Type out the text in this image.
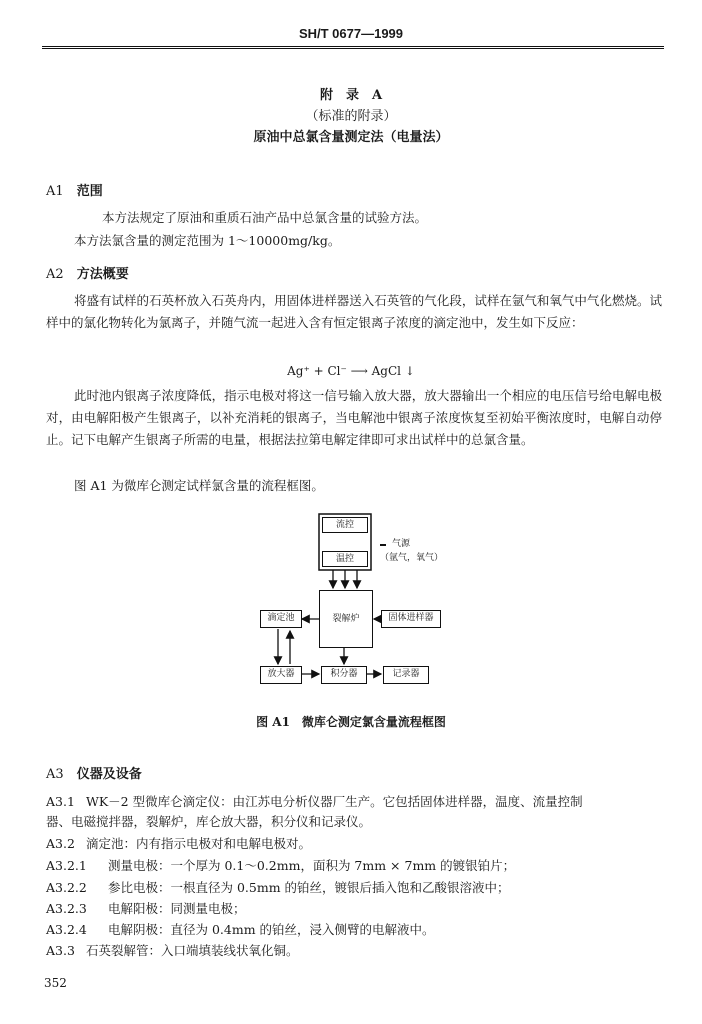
SH/T 0677—1999
附　录　A
（标准的附录）
原油中总氯含量测定法（电量法）
A1　 范围
本方法规定了原油和重质石油产品中总氯含量的试验方法。
本方法氯含量的测定范围为 1～10000mg/kg。
A2　 方法概要
将盛有试样的石英杯放入石英舟内，用固体进样器送入石英管的气化段，试样在氩气和氧气中气化燃烧。试样中的氯化物转化为氯离子，并随气流一起进入含有恒定银离子浓度的滴定池中，发生如下反应：
Ag⁺ + Cl⁻ ⟶ AgCl ↓
此时池内银离子浓度降低，指示电极对将这一信号输入放大器，放大器输出一个相应的电压信号给电解电极对，由电解阳极产生银离子，以补充消耗的银离子，当电解池中银离子浓度恢复至初始平衡浓度时，电解自动停止。记下电解产生银离子所需的电量，根据法拉第电解定律即可求出试样中的总氯含量。
图 A1 为微库仑测定试样氯含量的流程框图。
流控
温控
气源
（氩气，氧气）
裂解炉
滴定池	固体进样器
放大器	积分器	记录器
图 A1　微库仑测定氯含量流程框图
A3　 仪器及设备
A3.1 WK－2 型微库仑滴定仪：由江苏电分析仪器厂生产。它包括固体进样器，温度、流量控制
器、电磁搅拌器，裂解炉，库仑放大器，积分仪和记录仪。
A3.2 滴定池：内有指示电极对和电解电极对。
A3.2.1 测量电极：一个厚为 0.1～0.2mm，面积为 7mm × 7mm 的镀银铂片；
A3.2.2 参比电极：一根直径为 0.5mm 的铂丝，镀银后插入饱和乙酸银溶液中；
A3.2.3 电解阳极：同测量电极；
A3.2.4 电解阴极：直径为 0.4mm 的铂丝，浸入侧臂的电解液中。
A3.3 石英裂解管：入口端填装线状氧化铜。
352
